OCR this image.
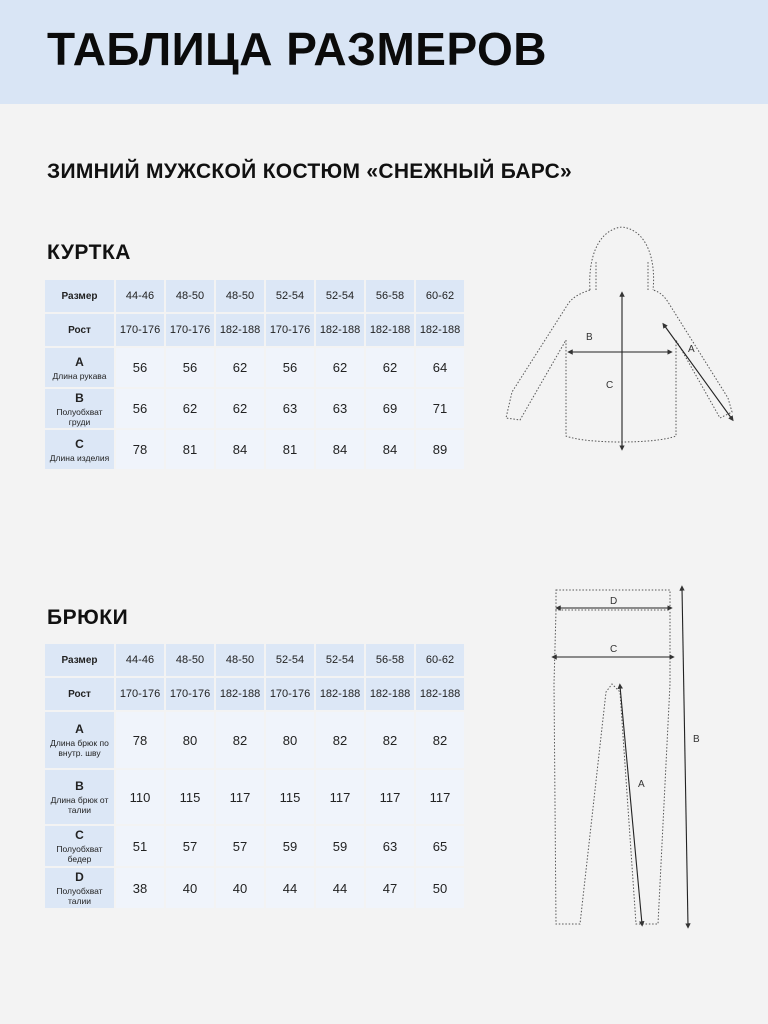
ТАБЛИЦА РАЗМЕРОВ
ЗИМНИЙ МУЖСКОЙ КОСТЮМ «СНЕЖНЫЙ БАРС»
КУРТКА
Размер	44-46	48-50	48-50	52-54	52-54	56-58	60-62
Рост	170-176	170-176	182-188	170-176	182-188	182-188	182-188

A
Длина рукава	56	56	62	56	62	62	64

B
Полуобхват груди	56	62	62	63	63	69	71

C
Длина изделия	78	81	84	81	84	84	89
B
C
A
БРЮКИ
Размер	44-46	48-50	48-50	52-54	52-54	56-58	60-62
Рост	170-176	170-176	182-188	170-176	182-188	182-188	182-188

A
Длина брюк по внутр. шву	78	80	82	80	82	82	82

B
Длина брюк от талии	110	115	117	115	117	117	117

C
Полуобхват бедер	51	57	57	59	59	63	65

D
Полуобхват талии	38	40	40	44	44	47	50
D
C
A
B
